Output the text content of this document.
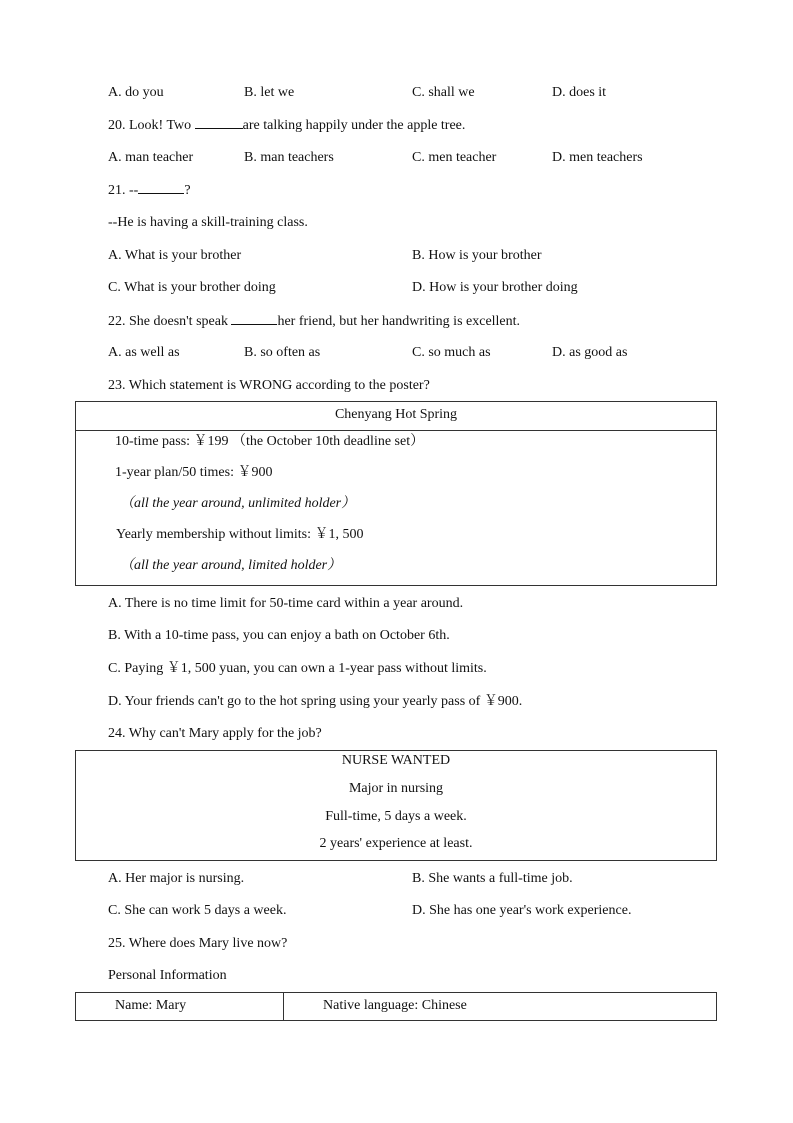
A. do you	B. let we	C. shall we	D. does it
20. Look! Two	are talking happily under the apple tree.
A. man teacher	B. man teachers	C. men teacher	D. men teachers
21. --	?
--He is having a skill-training class.
A. What is your brother	B. How is your brother
C. What is your brother doing	D. How is your brother doing
22. She doesn't speak	her friend, but her handwriting is excellent.
A. as well as	B. so often as	C. so much as	D. as good as
23. Which statement is WRONG according to the poster?
Chenyang Hot Spring
10-time pass: ￥199 （the October 10th deadline set）
1-year plan/50 times: ￥900
（all the year around, unlimited holder）
Yearly membership without limits: ￥1, 500
（all the year around, limited holder）
A. There is no time limit for 50-time card within a year around.
B. With a 10-time pass, you can enjoy a bath on October 6th.
C. Paying ￥1, 500 yuan, you can own a 1-year pass without limits.
D. Your friends can't go to the hot spring using your yearly pass of ￥900.
24. Why can't Mary apply for the job?
NURSE WANTED
Major in nursing
Full-time, 5 days a week.
2 years' experience at least.
A. Her major is nursing.	B. She wants a full-time job.
C. She can work 5 days a week.	D. She has one year's work experience.
25. Where does Mary live now?
Personal Information
Name: Mary	Native language: Chinese
